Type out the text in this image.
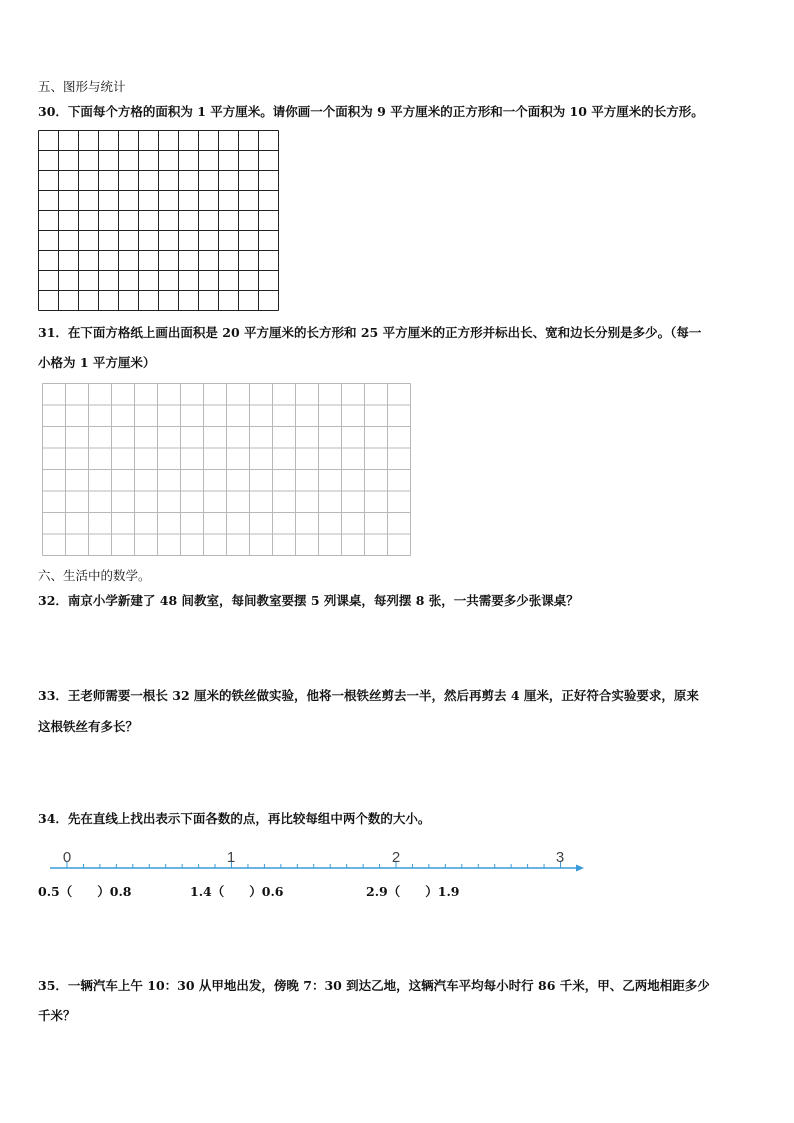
五、图形与统计
30．下面每个方格的面积为 1 平方厘米。请你画一个面积为 9 平方厘米的正方形和一个面积为 10 平方厘米的长方形。
31．在下面方格纸上画出面积是 20 平方厘米的长方形和 25 平方厘米的正方形并标出长、宽和边长分别是多少。（每一
小格为 1 平方厘米）
六、生活中的数学。
32．南京小学新建了 48 间教室，每间教室要摆 5 列课桌，每列摆 8 张，一共需要多少张课桌？
33．王老师需要一根长 32 厘米的铁丝做实验，他将一根铁丝剪去一半，然后再剪去 4 厘米，正好符合实验要求，原来
这根铁丝有多长？
34．先在直线上找出表示下面各数的点，再比较每组中两个数的大小。
0	1	2	3
0.5（　　）0.8	1.4（　　）0.6	2.9（　　）1.9
35．一辆汽车上午 10：30 从甲地出发，傍晚 7：30 到达乙地，这辆汽车平均每小时行 86 千米，甲、乙两地相距多少
千米？
